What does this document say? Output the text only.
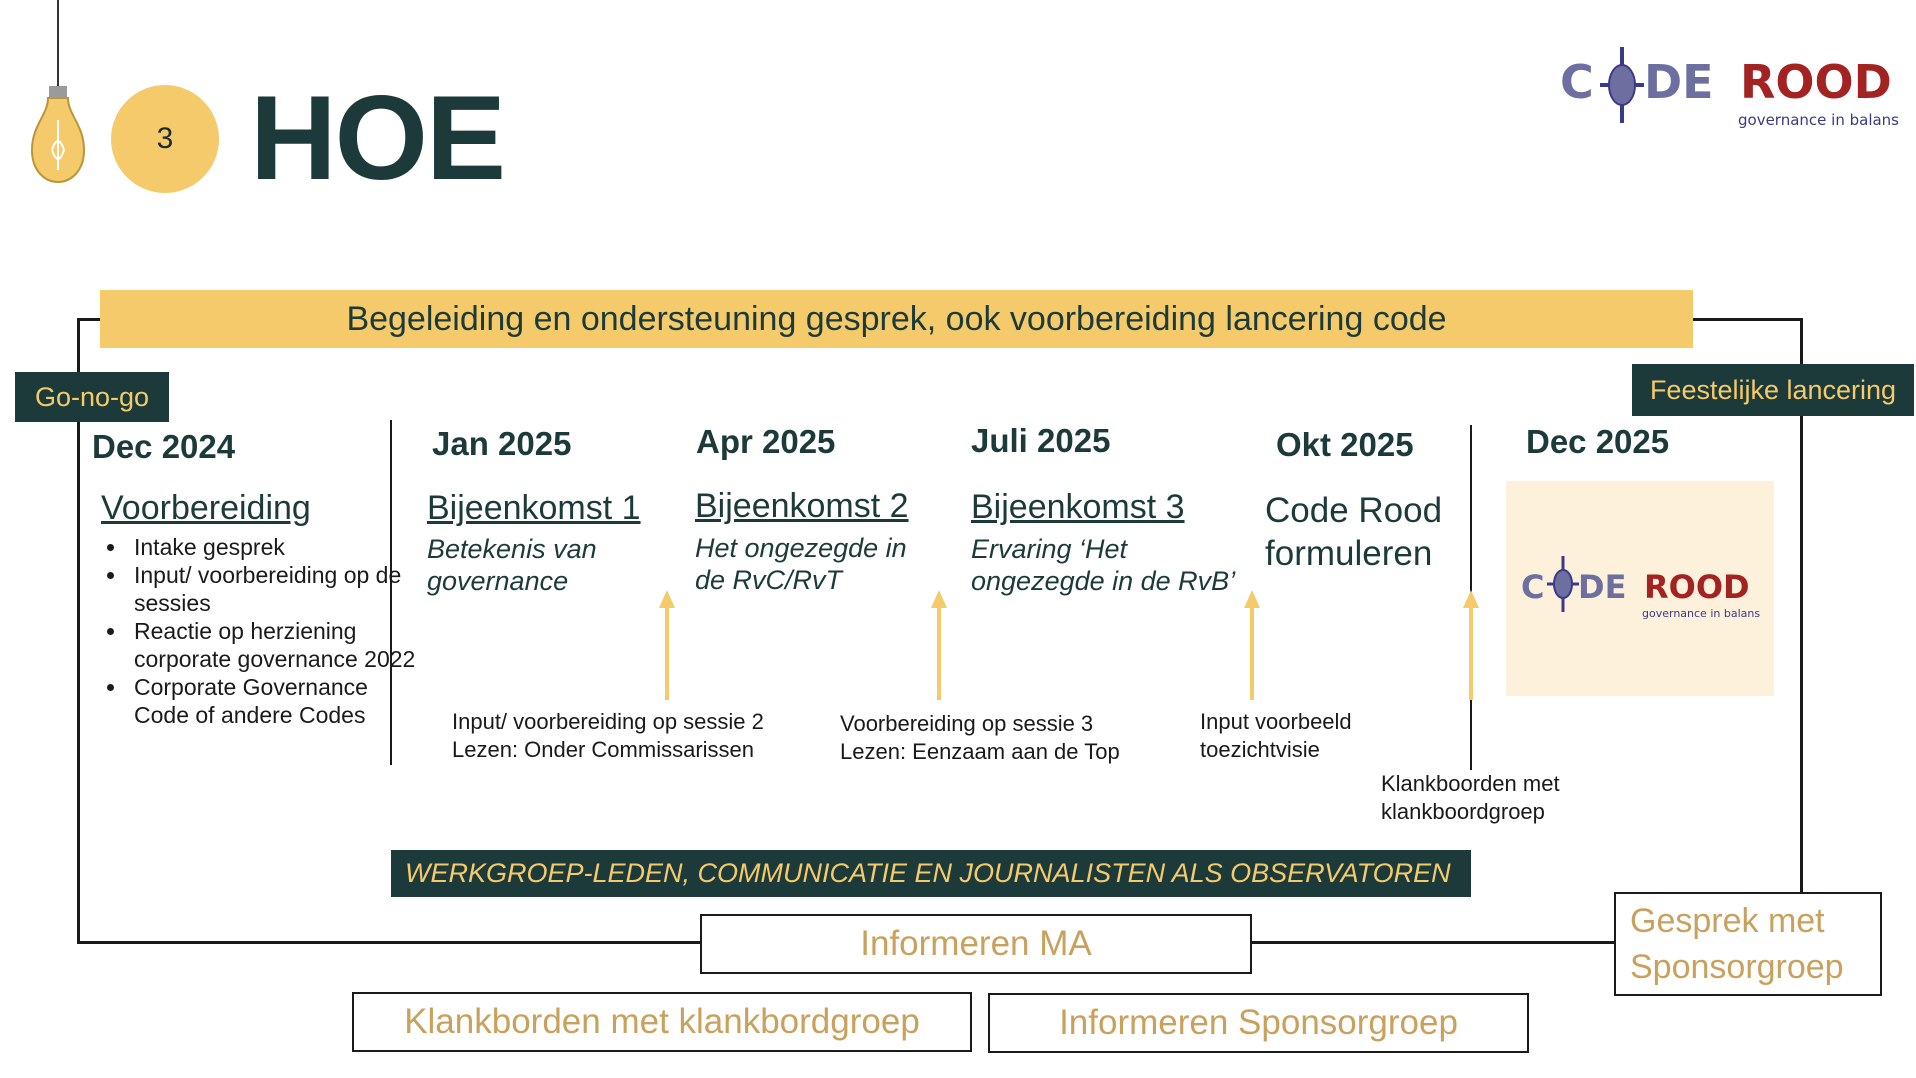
3 HOE	C DE ROOD
governance in balans
Begeleiding en ondersteuning gesprek, ook voorbereiding lancering code
Go-no-go	Feestelijke lancering
Dec 2024
Voorbereiding
• Intake gesprek
• Input/ voorbereiding op de sessies
• Reactie op herziening corporate governance 2022
• Corporate Governance Code of andere Codes
Jan 2025
Bijeenkomst 1
Betekenis van governance
Apr 2025
Bijeenkomst 2
Het ongezegde in de RvC/RvT
Juli 2025
Bijeenkomst 3
Ervaring ‘Het ongezegde in de RvB’
Okt 2025
Code Rood formuleren
Dec 2025
C DE ROOD
governance in balans
Input/ voorbereiding op sessie 2
Lezen: Onder Commissarissen
Voorbereiding op sessie 3
Lezen: Eenzaam aan de Top
Input voorbeeld
toezichtvisie
Klankboorden met
klankboordgroep
WERKGROEP-LEDEN, COMMUNICATIE EN JOURNALISTEN ALS OBSERVATOREN
Informeren MA
Gesprek met
Sponsorgroep
Klankborden met klankbordgroep	Informeren Sponsorgroep
